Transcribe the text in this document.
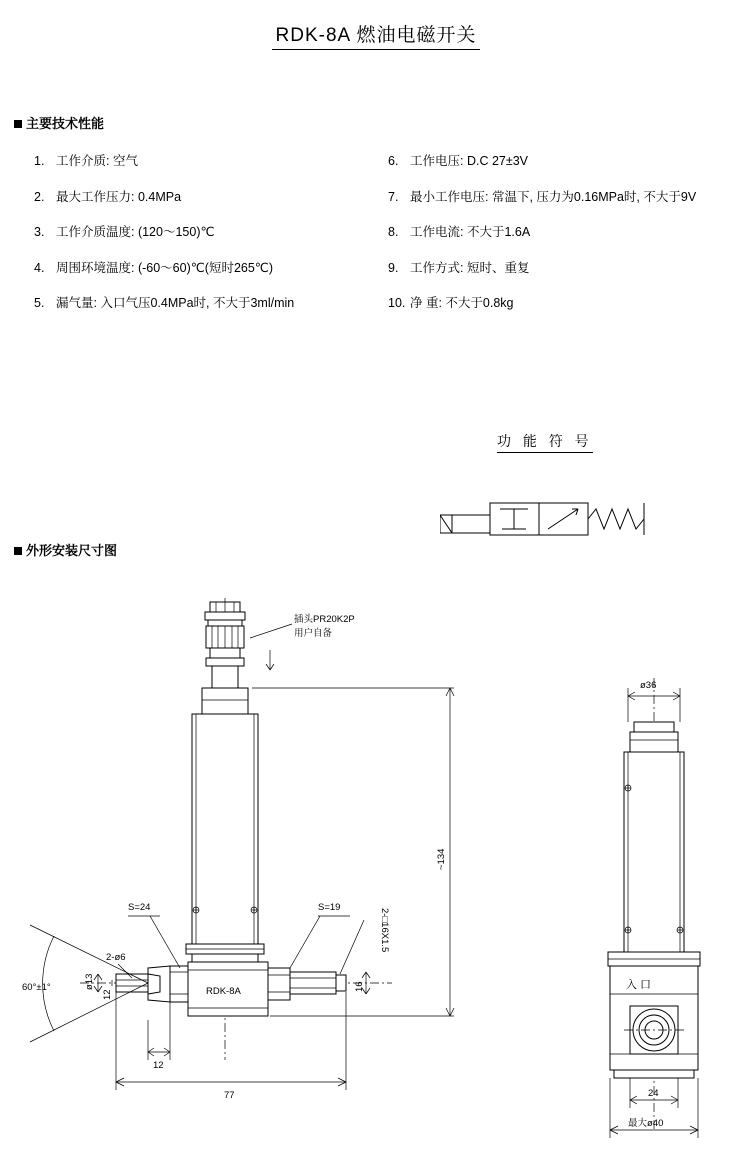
RDK-8A 燃油电磁开关
主要技术性能
1. 工作介质: 空气
2. 最大工作压力: 0.4MPa
3. 工作介质温度: (120～150)℃
4. 周围环境温度: (-60～60)℃(短时265℃)
5. 漏气量: 入口气压0.4MPa时, 不大于3ml/min
6. 工作电压: D.C 27±3V
7. 最小工作电压: 常温下, 压力为0.16MPa时, 不大于9V
8. 工作电流: 不大于1.6A
9. 工作方式: 短时、重复
10. 净 重: 不大于0.8kg
功 能 符 号
外形安装尺寸图
RDK-8A
60°±1°
插头PR20K2P
用户自备
S=24	S=19
2-□16X1.5
2-ø6
~134
ø13
12
16
12
77
ø36
入 口
24
最大ø40
